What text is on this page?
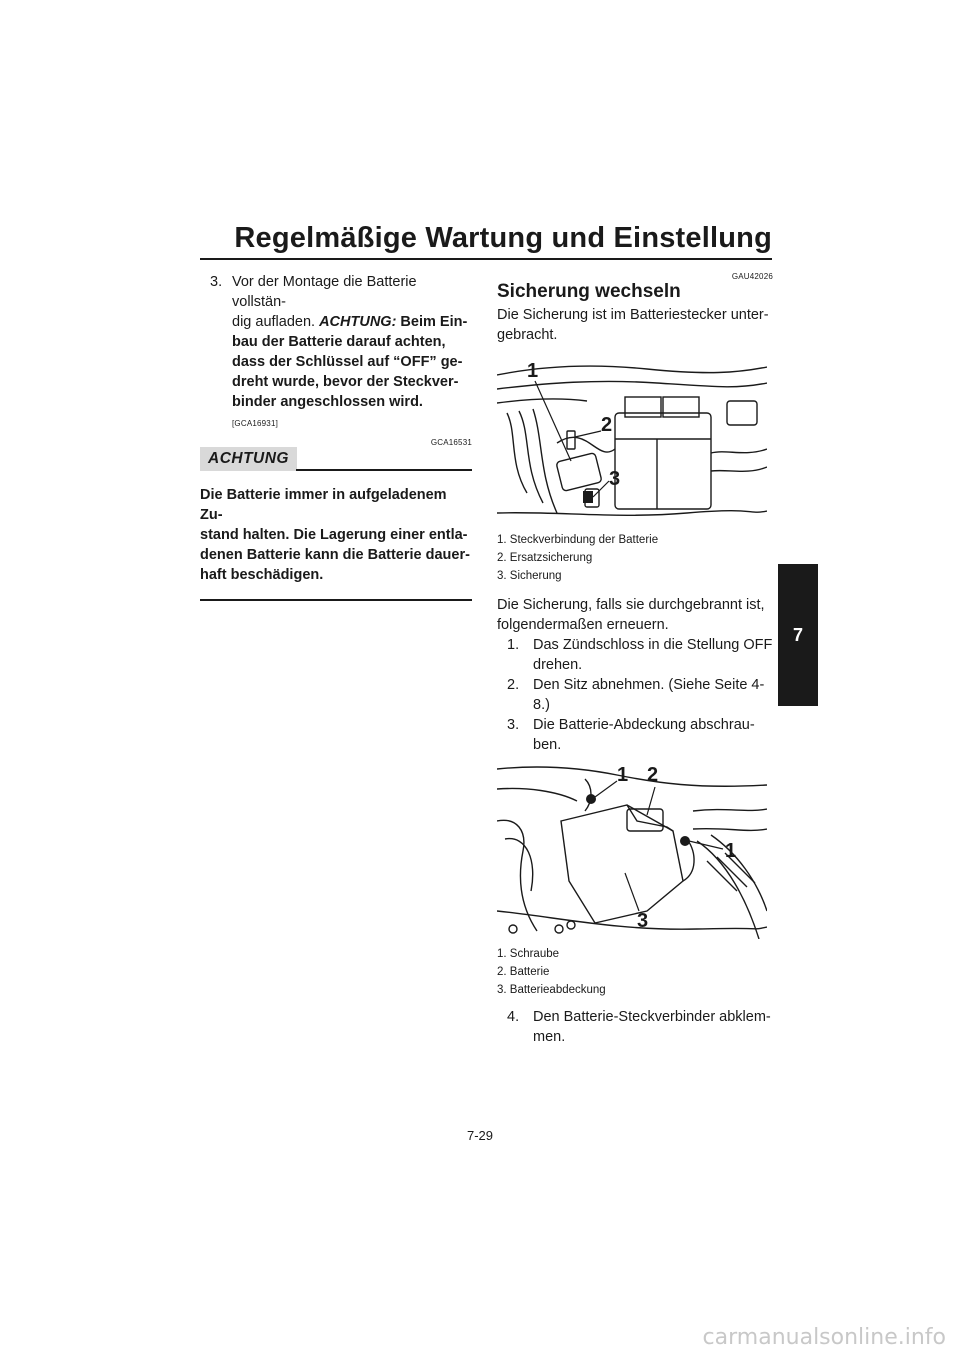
Regelmäßige Wartung und Einstellung
7
3. Vor der Montage die Batterie vollstän-
dig aufladen. ACHTUNG: Beim Ein-
bau der Batterie darauf achten,
dass der Schlüssel auf “OFF” ge-
dreht wurde, bevor der Steckver-
binder angeschlossen wird. [GCA16931]
GCA16531
ACHTUNG
Die Batterie immer in aufgeladenem Zu-
stand halten. Die Lagerung einer entla-
denen Batterie kann die Batterie dauer-
haft beschädigen.
GAU42026
Sicherung wechseln
Die Sicherung ist im Batteriestecker unter-
gebracht.
1
2
3
1. Steckverbindung der Batterie
2. Ersatzsicherung
3. Sicherung
Die Sicherung, falls sie durchgebrannt ist,
folgendermaßen erneuern.
1. Das Zündschloss in die Stellung OFF
drehen.
2. Den Sitz abnehmen. (Siehe Seite 4-8.)
3. Die Batterie-Abdeckung abschrau-
ben.
1 2
1
3
1. Schraube
2. Batterie
3. Batterieabdeckung
4. Den Batterie-Steckverbinder abklem-
men.
7-29
carmanualsonline.info
